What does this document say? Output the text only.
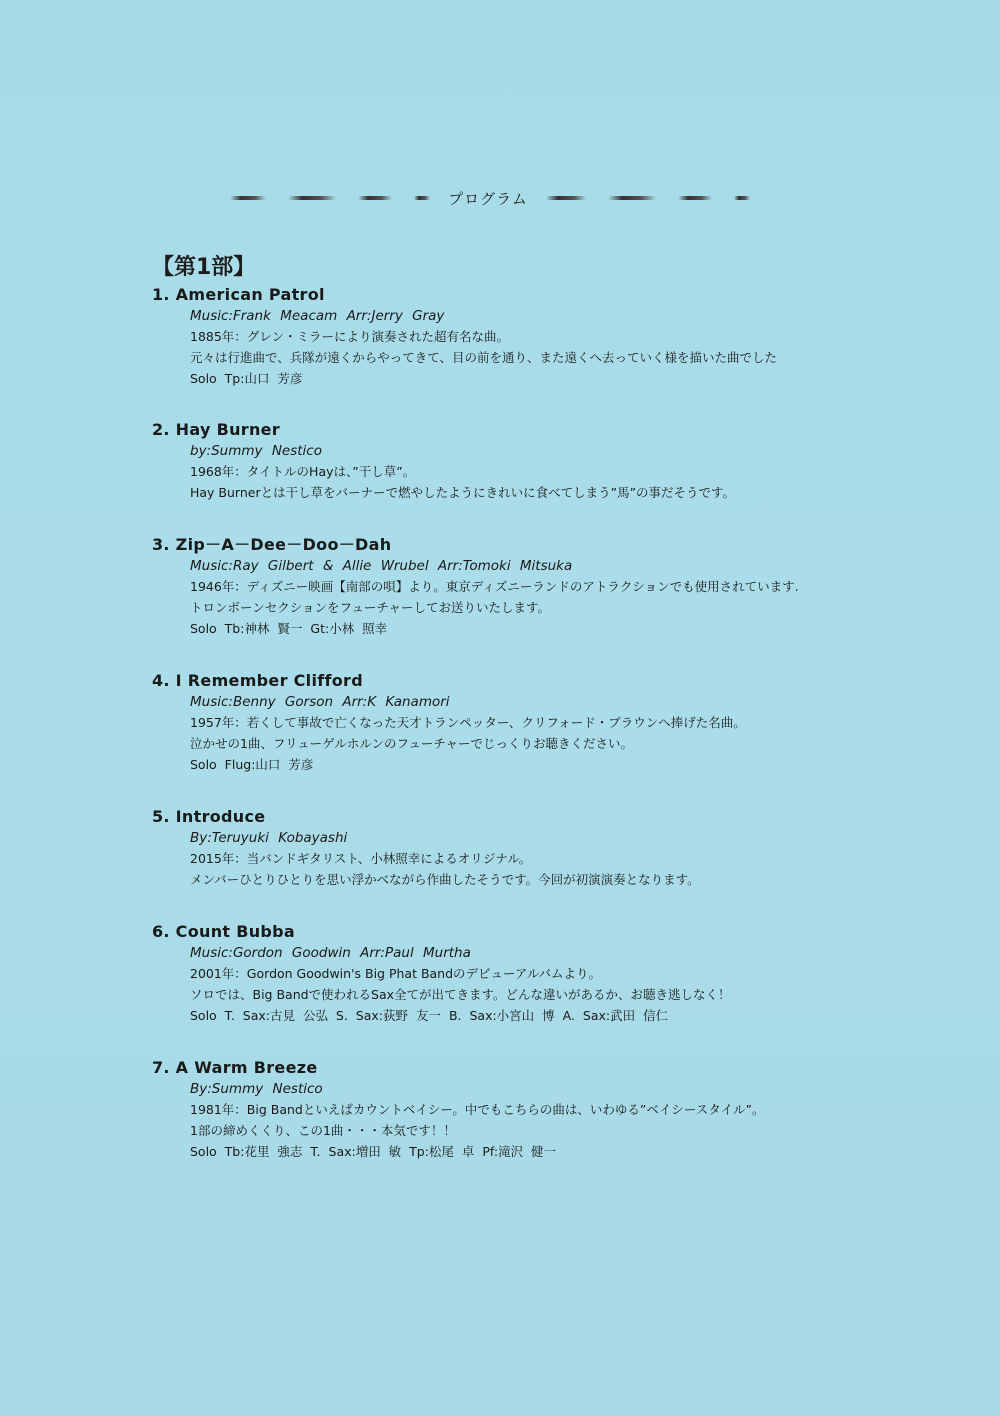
プログラム
【第1部】
1. American Patrol
Music:Frank Meacam Arr:Jerry Gray
1885年：グレン・ミラーにより演奏された超有名な曲。
元々は行進曲で、兵隊が遠くからやってきて、目の前を通り、また遠くへ去っていく様を描いた曲でした
Solo Tp:山口 芳彦
2. Hay Burner
by:Summy Nestico
1968年：タイトルのHayは、”干し草”。
Hay Burnerとは干し草をバーナーで燃やしたようにきれいに食べてしまう”馬”の事だそうです。
3. Zip－A－Dee－Doo－Dah
Music:Ray Gilbert & Allie Wrubel Arr:Tomoki Mitsuka
1946年：ディズニー映画【南部の唄】より。東京ディズニーランドのアトラクションでも使用されています.
トロンボーンセクションをフューチャーしてお送りいたします。
Solo Tb:神林 賢一 Gt:小林 照幸
4. I Remember Clifford
Music:Benny Gorson Arr:K Kanamori
1957年：若くして事故で亡くなった天才トランペッター、クリフォード・ブラウンへ捧げた名曲。
泣かせの1曲、フリューゲルホルンのフューチャーでじっくりお聴きください。
Solo Flug:山口 芳彦
5. Introduce
By:Teruyuki Kobayashi
2015年：当バンドギタリスト、小林照幸によるオリジナル。
メンバーひとりひとりを思い浮かべながら作曲したそうです。今回が初演演奏となります。
6. Count Bubba
Music:Gordon Goodwin Arr:Paul Murtha
2001年：Gordon Goodwin's Big Phat Bandのデビューアルバムより。
ソロでは、Big Bandで使われるSax全てが出てきます。どんな違いがあるか、お聴き逃しなく！
Solo T. Sax:古見 公弘 S. Sax:荻野 友一 B. Sax:小宮山 博 A. Sax:武田 信仁
7. A Warm Breeze
By:Summy Nestico
1981年：Big Bandといえばカウントベイシー。中でもこちらの曲は、いわゆる”ベイシースタイル”。
1部の締めくくり、この1曲・・・本気です！！
Solo Tb:花里 強志 T. Sax:増田 敏 Tp:松尾 卓 Pf:滝沢 健一
